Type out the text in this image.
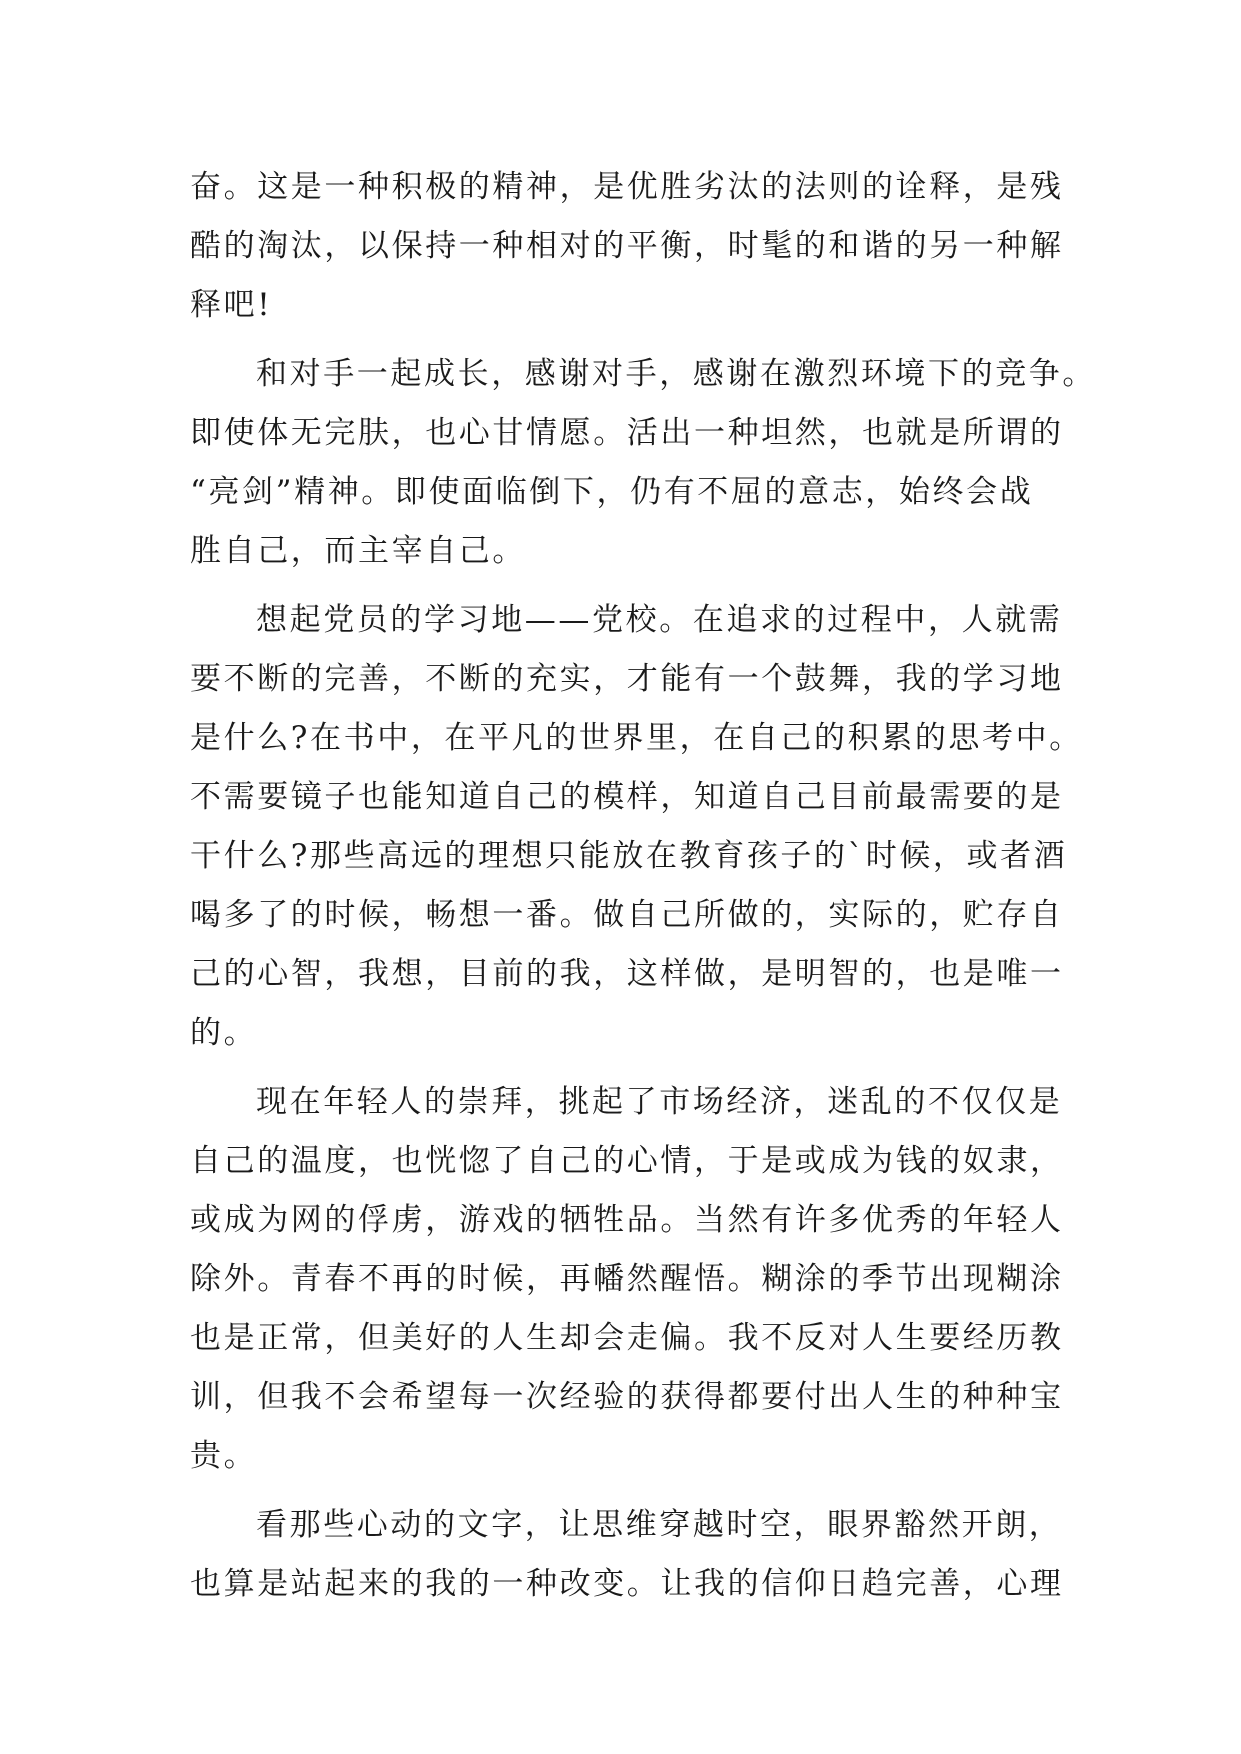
奋。这是一种积极的精神，是优胜劣汰的法则的诠释，是残
酷的淘汰，以保持一种相对的平衡，时髦的和谐的另一种解
释吧!
和对手一起成长，感谢对手，感谢在激烈环境下的竞争。
即使体无完肤，也心甘情愿。活出一种坦然，也就是所谓的
“亮剑”精神。即使面临倒下，仍有不屈的意志，始终会战
胜自己，而主宰自己。
想起党员的学习地——党校。在追求的过程中，人就需
要不断的完善，不断的充实，才能有一个鼓舞，我的学习地
是什么?在书中，在平凡的世界里，在自己的积累的思考中。
不需要镜子也能知道自己的模样，知道自己目前最需要的是
干什么?那些高远的理想只能放在教育孩子的`时候，或者酒
喝多了的时候，畅想一番。做自己所做的，实际的，贮存自
己的心智，我想，目前的我，这样做，是明智的，也是唯一
的。
现在年轻人的崇拜，挑起了市场经济，迷乱的不仅仅是
自己的温度，也恍惚了自己的心情，于是或成为钱的奴隶，
或成为网的俘虏，游戏的牺牲品。当然有许多优秀的年轻人
除外。青春不再的时候，再幡然醒悟。糊涂的季节出现糊涂
也是正常，但美好的人生却会走偏。我不反对人生要经历教
训，但我不会希望每一次经验的获得都要付出人生的种种宝
贵。
看那些心动的文字，让思维穿越时空，眼界豁然开朗，
也算是站起来的我的一种改变。让我的信仰日趋完善，心理
